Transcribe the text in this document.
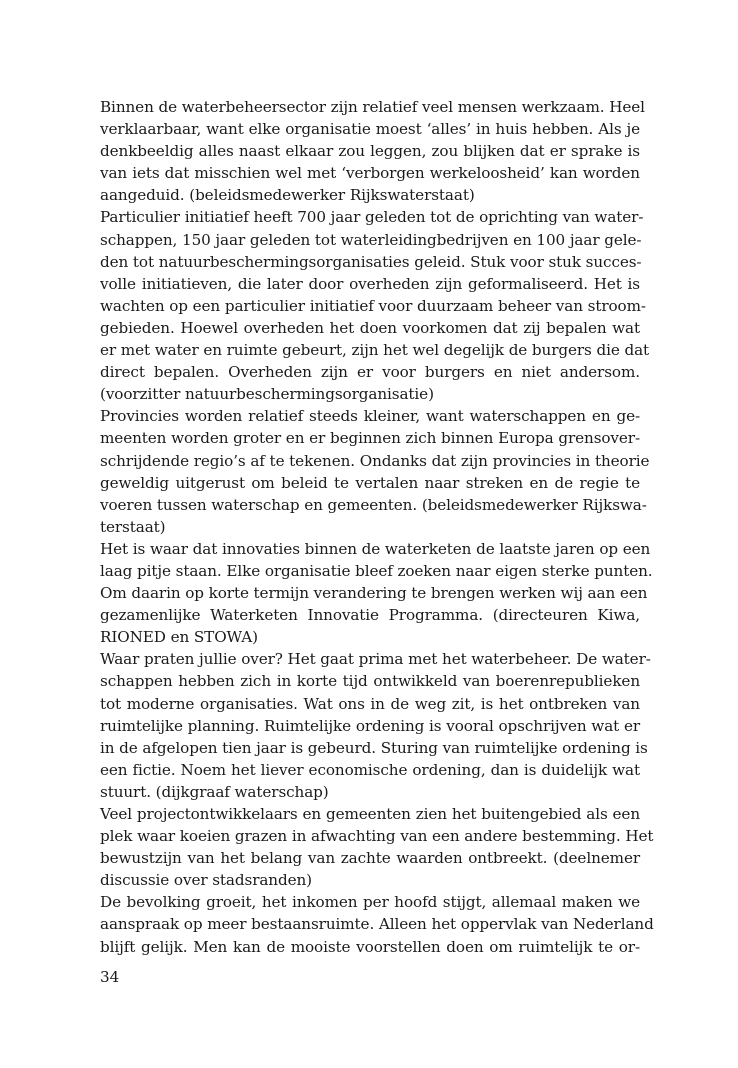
Binnen de waterbeheersector zijn relatief veel mensen werkzaam. Heel
verklaarbaar, want elke organisatie moest ‘alles’ in huis hebben. Als je
denkbeeldig alles naast elkaar zou leggen, zou blijken dat er sprake is
van iets dat misschien wel met ‘verborgen werkeloosheid’ kan worden
aangeduid. (beleidsmedewerker Rijkswaterstaat)
Particulier initiatief heeft 700 jaar geleden tot de oprichting van water-
schappen, 150 jaar geleden tot waterleidingbedrijven en 100 jaar gele-
den tot natuurbeschermingsorganisaties geleid. Stuk voor stuk succes-
volle initiatieven, die later door overheden zijn geformaliseerd. Het is
wachten op een particulier initiatief voor duurzaam beheer van stroom-
gebieden. Hoewel overheden het doen voorkomen dat zij bepalen wat
er met water en ruimte gebeurt, zijn het wel degelijk de burgers die dat
direct bepalen. Overheden zijn er voor burgers en niet andersom.
(voorzitter natuurbeschermingsorganisatie)
Provincies worden relatief steeds kleiner, want waterschappen en ge-
meenten worden groter en er beginnen zich binnen Europa grensover-
schrijdende regio’s af te tekenen. Ondanks dat zijn provincies in theorie
geweldig uitgerust om beleid te vertalen naar streken en de regie te
voeren tussen waterschap en gemeenten. (beleidsmedewerker Rijkswa-
terstaat)
Het is waar dat innovaties binnen de waterketen de laatste jaren op een
laag pitje staan. Elke organisatie bleef zoeken naar eigen sterke punten.
Om daarin op korte termijn verandering te brengen werken wij aan een
gezamenlijke Waterketen Innovatie Programma. (directeuren Kiwa,
RIONED en STOWA)
Waar praten jullie over? Het gaat prima met het waterbeheer. De water-
schappen hebben zich in korte tijd ontwikkeld van boerenrepublieken
tot moderne organisaties. Wat ons in de weg zit, is het ontbreken van
ruimtelijke planning. Ruimtelijke ordening is vooral opschrijven wat er
in de afgelopen tien jaar is gebeurd. Sturing van ruimtelijke ordening is
een fictie. Noem het liever economische ordening, dan is duidelijk wat
stuurt. (dijkgraaf waterschap)
Veel projectontwikkelaars en gemeenten zien het buitengebied als een
plek waar koeien grazen in afwachting van een andere bestemming. Het
bewustzijn van het belang van zachte waarden ontbreekt. (deelnemer
discussie over stadsranden)
De bevolking groeit, het inkomen per hoofd stijgt, allemaal maken we
aanspraak op meer bestaansruimte. Alleen het oppervlak van Nederland
blijft gelijk. Men kan de mooiste voorstellen doen om ruimtelijk te or-
34
